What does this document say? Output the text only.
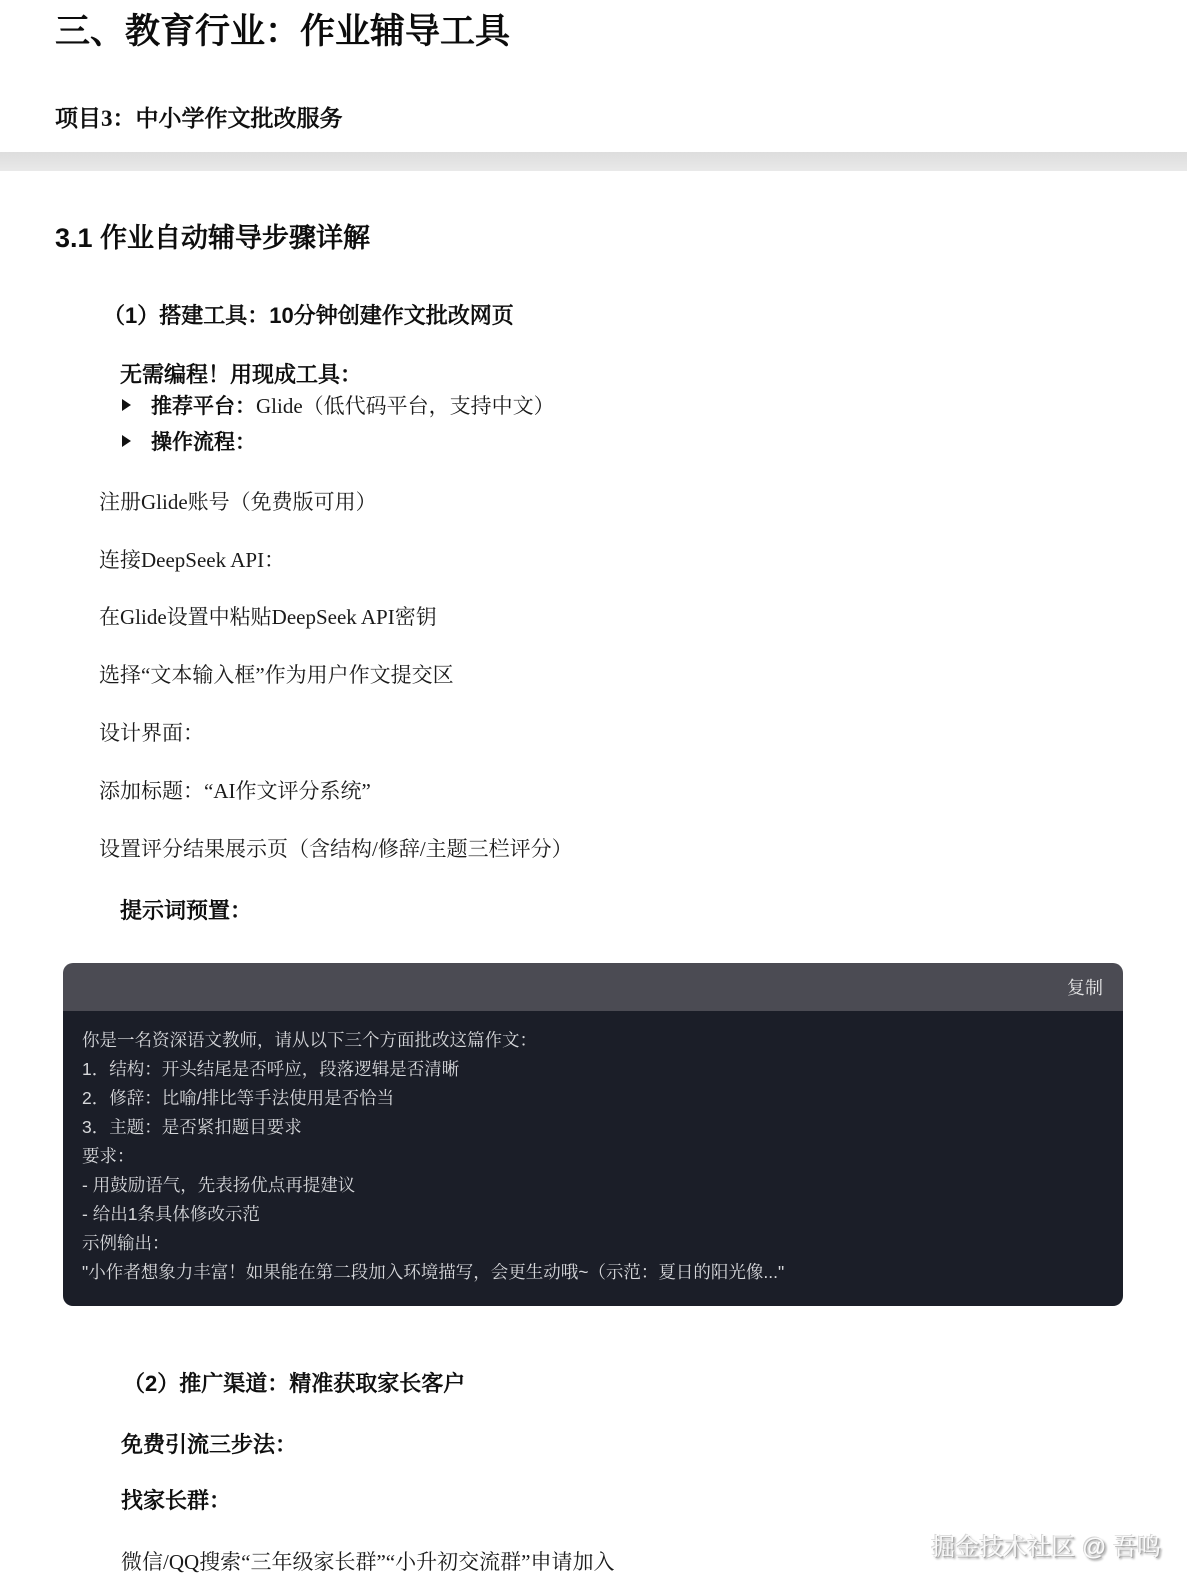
三、教育行业：作业辅导工具
项目3：中小学作文批改服务
3.1 作业自动辅导步骤详解
（1）搭建工具：10分钟创建作文批改网页
无需编程！用现成工具：
推荐平台： Glide（低代码平台，支持中文）
操作流程：
注册Glide账号（免费版可用）
连接DeepSeek API：
在Glide设置中粘贴DeepSeek API密钥
选择“文本输入框”作为用户作文提交区
设计界面：
添加标题：“AI作文评分系统”
设置评分结果展示页（含结构/修辞/主题三栏评分）
提示词预置：
复制
你是一名资深语文教师，请从以下三个方面批改这篇作文：
1．结构：开头结尾是否呼应，段落逻辑是否清晰
2．修辞：比喻/排比等手法使用是否恰当
3．主题：是否紧扣题目要求
要求：
- 用鼓励语气，先表扬优点再提建议
- 给出1条具体修改示范
示例输出：
"小作者想象力丰富！如果能在第二段加入环境描写，会更生动哦~（示范：夏日的阳光像..."
（2）推广渠道：精准获取家长客户
免费引流三步法：
找家长群：
微信/QQ搜索“三年级家长群”“小升初交流群”申请加入
掘金技术社区 @ 吾鸣
